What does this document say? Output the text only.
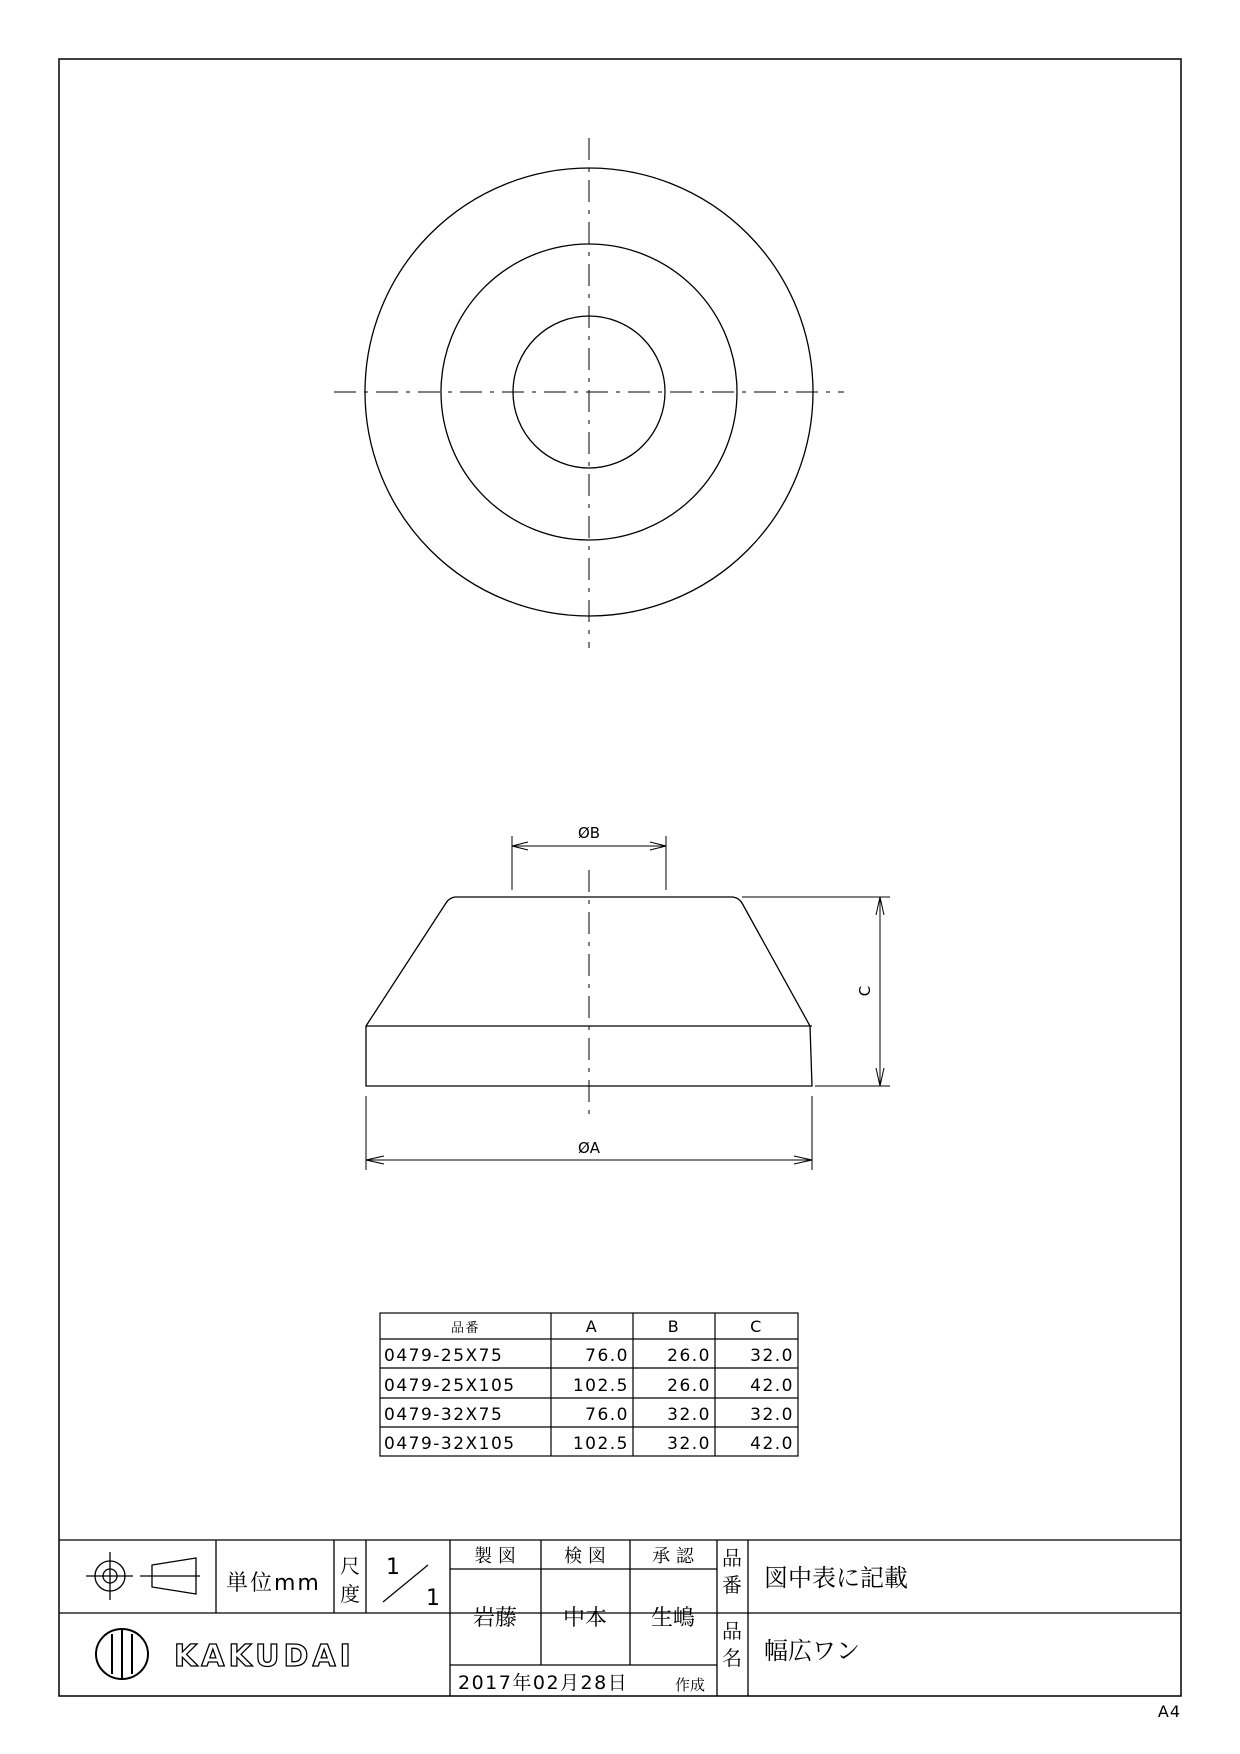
ØB
ØA
C
品番	A	B	C
0479-25X75	76.0 26.0 32.0
0479-25X105	102.5 26.0 42.0
0479-32X75	76.0 32.0 32.0
0479-32X105	102.5 32.0 42.0
単位mm
尺
度
1
1
製 図	検 図	承 認
岩藤 中本 生嶋
品
番 図中表に記載
品
名 幅広ワン
2017年02月28日	作成
KAKUDAI
A4
